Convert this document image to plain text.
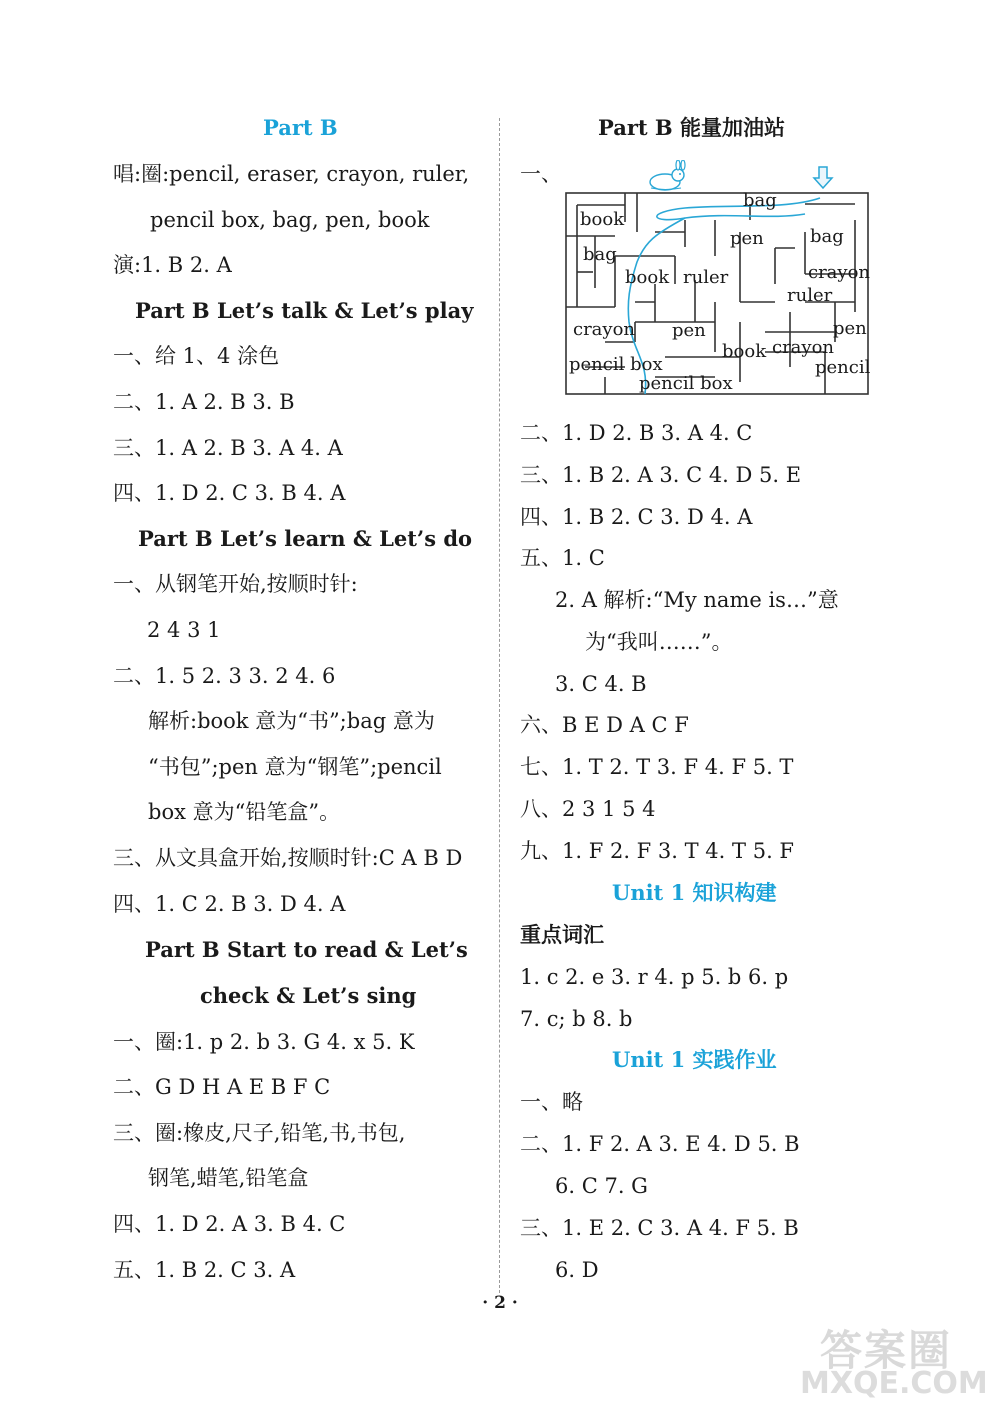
Part B
唱:圈:pencil, eraser, crayon, ruler,
pencil box, bag, pen, book
演:1. B 2. A
Part B Let’s talk & Let’s play
一、给 1、4 涂色
二、1. A 2. B 3. B
三、1. A 2. B 3. A 4. A
四、1. D 2. C 3. B 4. A
Part B Let’s learn & Let’s do
一、从钢笔开始,按顺时针:
2 4 3 1
二、1. 5 2. 3 3. 2 4. 6
解析:book 意为“书”;bag 意为
“书包”;pen 意为“钢笔”;pencil
box 意为“铅笔盒”。
三、从文具盒开始,按顺时针:C A B D
四、1. C 2. B 3. D 4. A
Part B Start to read & Let’s
check & Let’s sing
一、圈:1. p 2. b 3. G 4. x 5. K
二、G D H A E B F C
三、圈:橡皮,尺子,铅笔,书,书包,
钢笔,蜡笔,铅笔盒
四、1. D 2. A 3. B 4. C
五、1. B 2. C 3. A
Part B 能量加油站
一、
bag
book
pen	bag
bag
book ruler	crayon
ruler
crayon pen	pen
book crayon
pencil box	pencil
pencil box
二、1. D 2. B 3. A 4. C
三、1. B 2. A 3. C 4. D 5. E
四、1. B 2. C 3. D 4. A
五、1. C
2. A 解析:“My name is…”意
为“我叫……”。
3. C 4. B
六、B E D A C F
七、1. T 2. T 3. F 4. F 5. T
八、2 3 1 5 4
九、1. F 2. F 3. T 4. T 5. F
Unit 1 知识构建
重点词汇
1. c 2. e 3. r 4. p 5. b 6. p
7. c; b 8. b
Unit 1 实践作业
一、略
二、1. F 2. A 3. E 4. D 5. B
6. C 7. G
三、1. E 2. C 3. A 4. F 5. B
6. D
· 2 ·
答案圈
MXQE.COM
